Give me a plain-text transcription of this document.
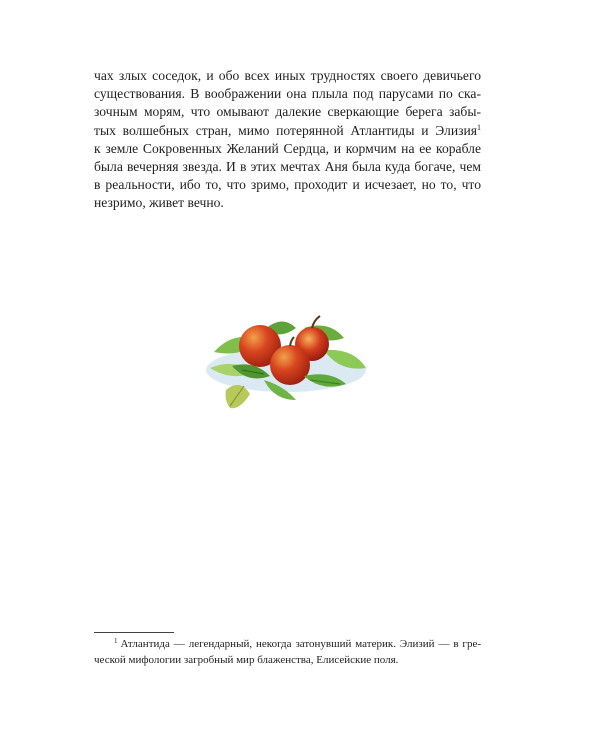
чах злых соседок, и обо всех иных трудностях своего девичьего
существования. В воображении она плыла под парусами по ска-
зочным морям, что омывают далекие сверкающие берега забы-
тых волшебных стран, мимо потерянной Атлантиды и Элизия$^1$
к земле Сокровенных Желаний Сердца, и кормчим на ее корабле
была вечерняя звезда. И в этих мечтах Аня была куда богаче, чем
в реальности, ибо то, что зримо, проходит и исчезает, но то, что
незримо, живет вечно.
$^1$ Атлантида — легендарный, некогда затонувший материк. Элизий — в гре-
ческой мифологии загробный мир блаженства, Елисейские поля.
